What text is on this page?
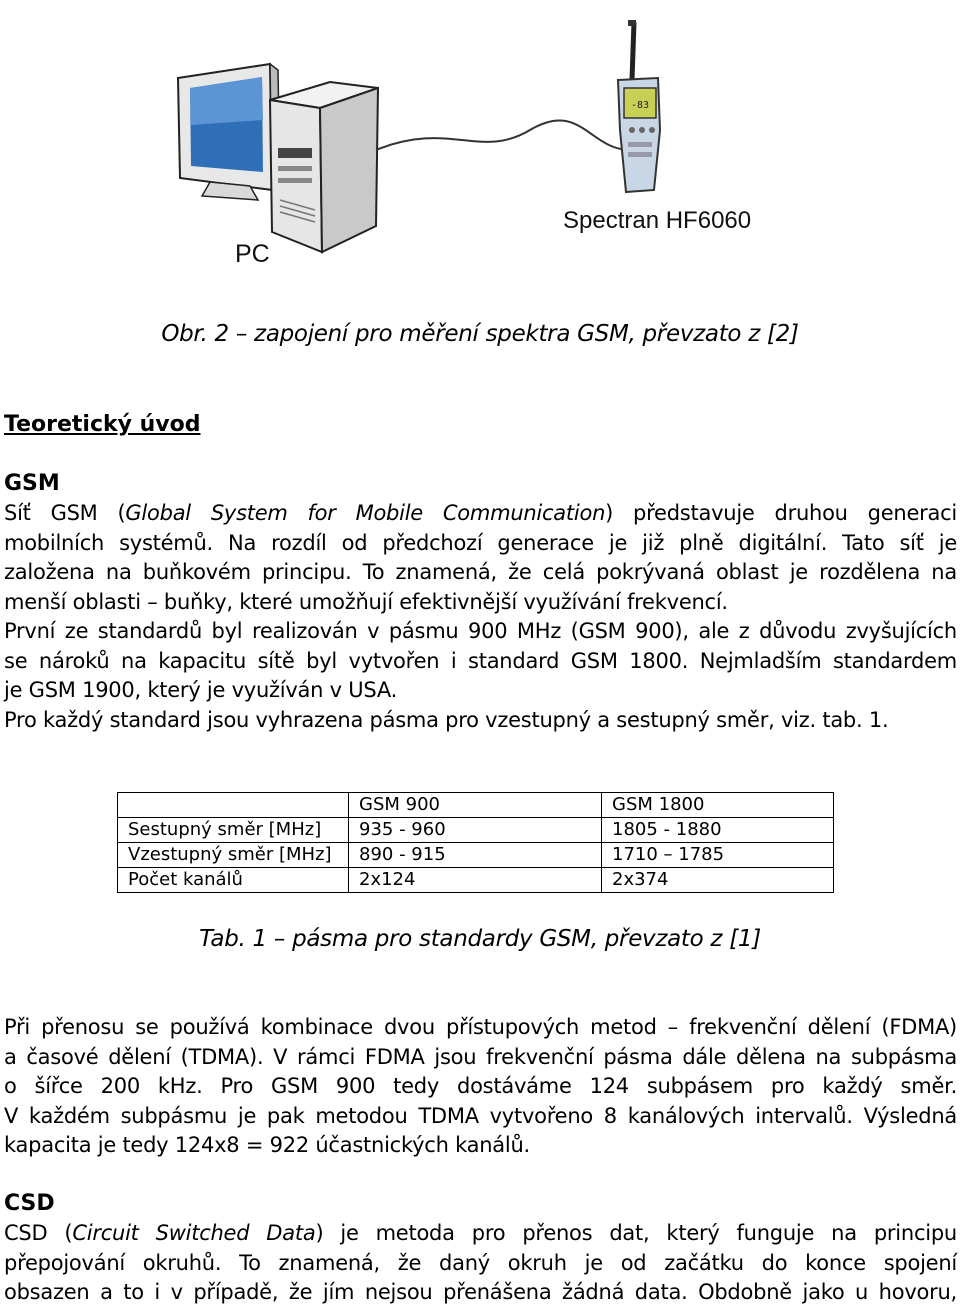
-83
PC
Spectran HF6060
Obr. 2 – zapojení pro měření spektra GSM, převzato z [2]
Teoretický úvod
GSM

Síť GSM (Global System for Mobile Communication) představuje druhou generaci

mobilních systémů. Na rozdíl od předchozí generace je již plně digitální. Tato síť je

založena na buňkovém principu. To znamená, že celá pokrývaná oblast je rozdělena na

menší oblasti – buňky, které umožňují efektivnější využívání frekvencí.

První ze standardů byl realizován v pásmu 900 MHz (GSM 900), ale z důvodu zvyšujících

se nároků na kapacitu sítě byl vytvořen i standard GSM 1800. Nejmladším standardem

je GSM 1900, který je využíván v USA.

Pro každý standard jsou vyhrazena pásma pro vzestupný a sestupný směr, viz. tab. 1.

	GSM 900	GSM 1800
Sestupný směr [MHz]	935 - 960	1805 - 1880
Vzestupný směr [MHz]	890 - 915	1710 – 1785
Počet kanálů	2x124	2x374
Tab. 1 – pásma pro standardy GSM, převzato z [1]

Při přenosu se používá kombinace dvou přístupových metod – frekvenční dělení (FDMA)

a časové dělení (TDMA). V rámci FDMA jsou frekvenční pásma dále dělena na subpásma

o šířce 200 kHz. Pro GSM 900 tedy dostáváme 124 subpásem pro každý směr.

V každém subpásmu je pak metodou TDMA vytvořeno 8 kanálových intervalů. Výsledná

kapacita je tedy 124x8 = 922 účastnických kanálů.

CSD

CSD (Circuit Switched Data) je metoda pro přenos dat, který funguje na principu

přepojování okruhů. To znamená, že daný okruh je od začátku do konce spojení

obsazen a to i v případě, že jím nejsou přenášena žádná data. Obdobně jako u hovoru,
